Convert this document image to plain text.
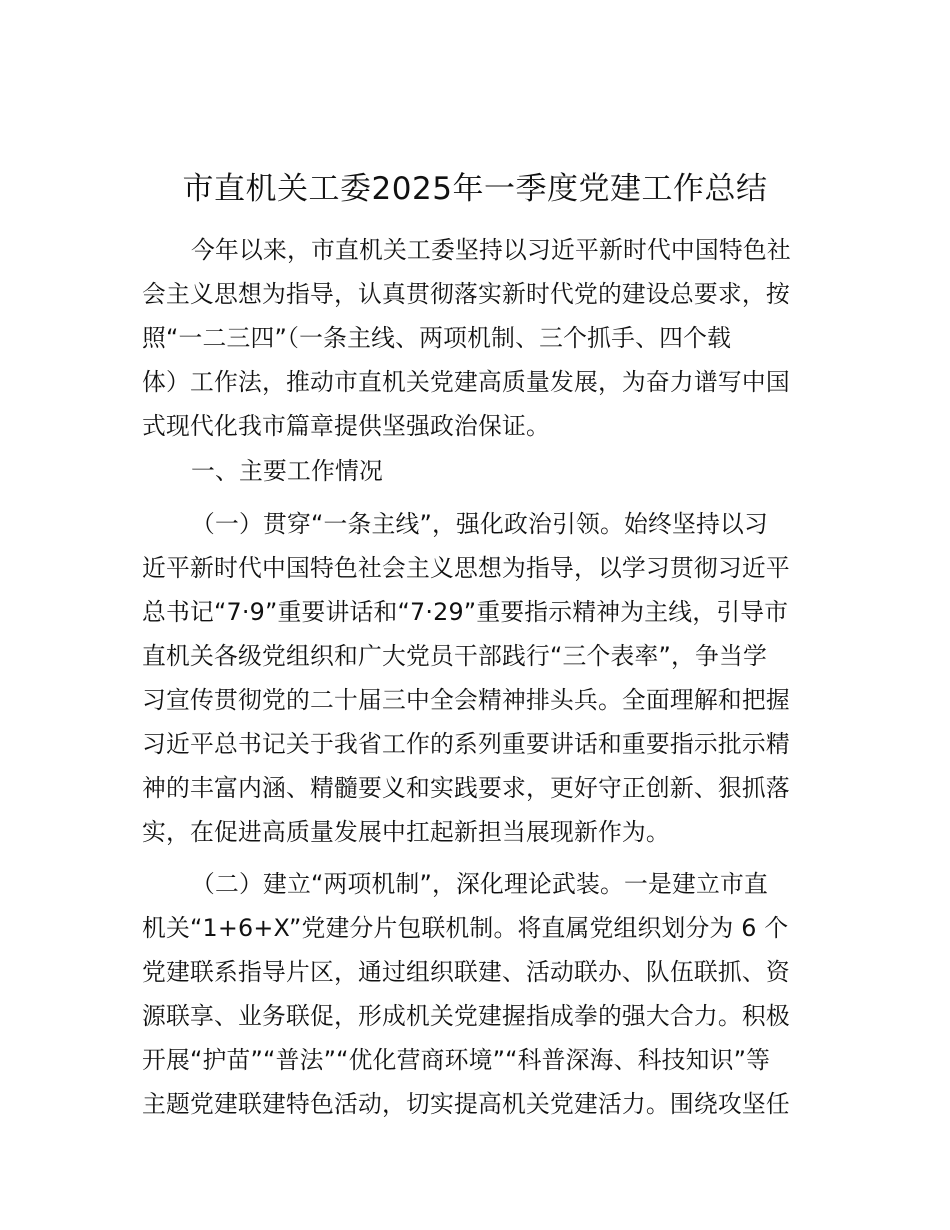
市直机关工委2025年一季度党建工作总结
今年以来，市直机关工委坚持以习近平新时代中国特色社
会主义思想为指导，认真贯彻落实新时代党的建设总要求，按
照“一二三四”（一条主线、两项机制、三个抓手、四个载
体）工作法，推动市直机关党建高质量发展，为奋力谱写中国
式现代化我市篇章提供坚强政治保证。
一、主要工作情况
（一）贯穿“一条主线”，强化政治引领。始终坚持以习
近平新时代中国特色社会主义思想为指导，以学习贯彻习近平
总书记“7·9”重要讲话和“7·29”重要指示精神为主线，引导市
直机关各级党组织和广大党员干部践行“三个表率”，争当学
习宣传贯彻党的二十届三中全会精神排头兵。全面理解和把握
习近平总书记关于我省工作的系列重要讲话和重要指示批示精
神的丰富内涵、精髓要义和实践要求，更好守正创新、狠抓落
实，在促进高质量发展中扛起新担当展现新作为。
（二）建立“两项机制”，深化理论武装。一是建立市直
机关“1+6+X”党建分片包联机制。将直属党组织划分为 6 个
党建联系指导片区，通过组织联建、活动联办、队伍联抓、资
源联享、业务联促，形成机关党建握指成拳的强大合力。积极
开展“护苗”“普法”“优化营商环境”“科普深海、科技知识”等
主题党建联建特色活动，切实提高机关党建活力。围绕攻坚任
